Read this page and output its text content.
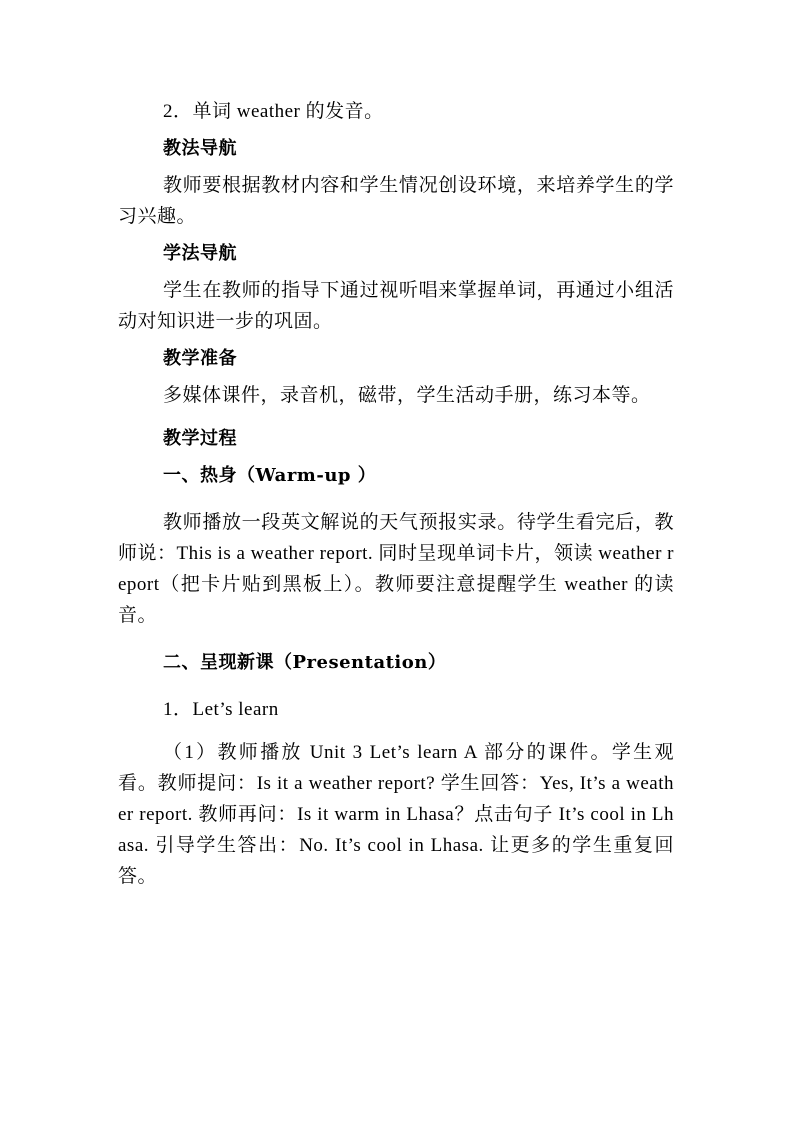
2．单词 weather 的发音。

教法导航

教师要根据教材内容和学生情况创设环境，来培养学生的学习兴趣。

学法导航

学生在教师的指导下通过视听唱来掌握单词，再通过小组活动对知识进一步的巩固。

教学准备

多媒体课件，录音机，磁带，学生活动手册，练习本等。

教学过程

一、热身（Warm-up ）

教师播放一段英文解说的天气预报实录。待学生看完后，教师说：This is a weather report. 同时呈现单词卡片，领读 weather report（把卡片贴到黑板上）。教师要注意提醒学生 weather 的读音。

二、呈现新课（Presentation）

1．Let’s learn

（1）教师播放 Unit 3 Let’s learn A 部分的课件。学生观看。教师提问：Is it a weather report? 学生回答：Yes, It’s a weather report. 教师再问：Is it warm in Lhasa？点击句子 It’s cool in Lhasa. 引导学生答出：No. It’s cool in Lhasa. 让更多的学生重复回答。
